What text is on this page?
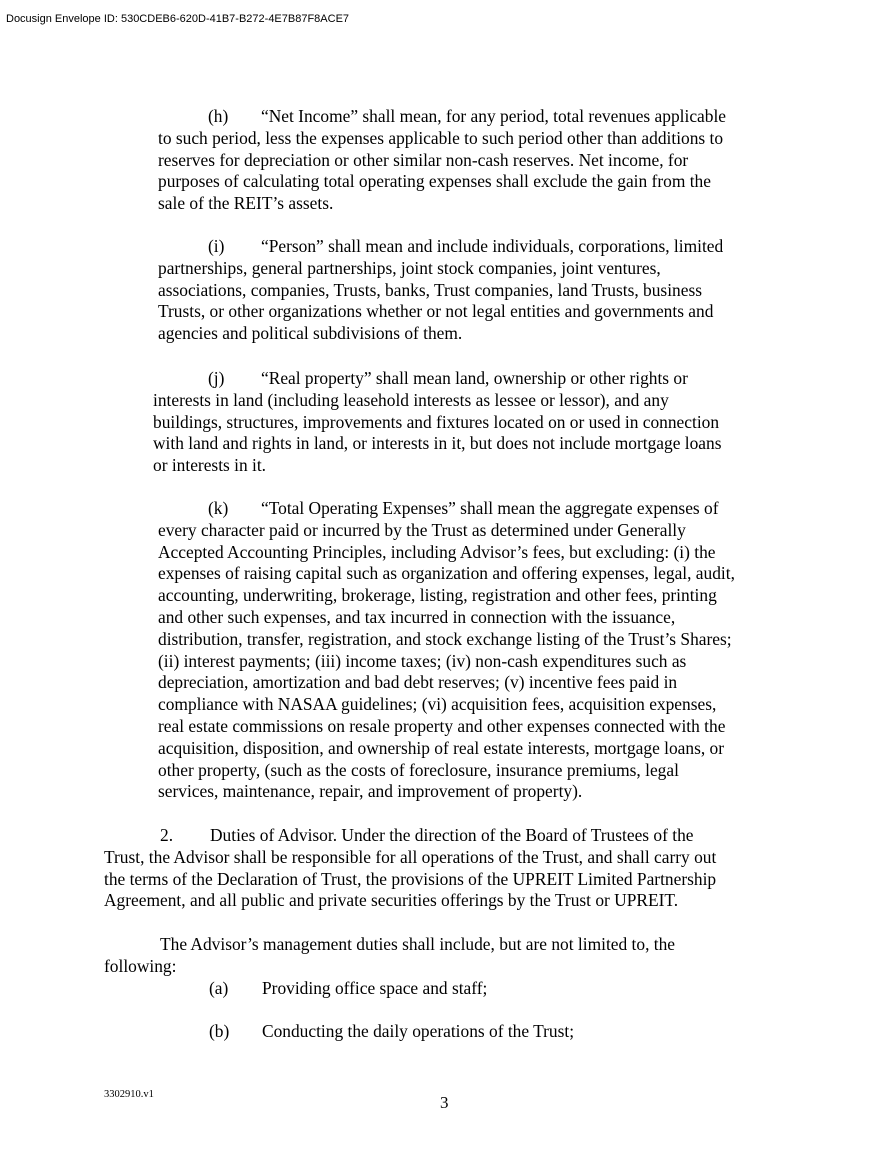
Docusign Envelope ID: 530CDEB6-620D-41B7-B272-4E7B87F8ACE7
(h) “Net Income” shall mean, for any period, total revenues applicable
to such period, less the expenses applicable to such period other than additions to
reserves for depreciation or other similar non-cash reserves. Net income, for
purposes of calculating total operating expenses shall exclude the gain from the
sale of the REIT’s assets.
(i) “Person” shall mean and include individuals, corporations, limited
partnerships, general partnerships, joint stock companies, joint ventures,
associations, companies, Trusts, banks, Trust companies, land Trusts, business
Trusts, or other organizations whether or not legal entities and governments and
agencies and political subdivisions of them.
(j) “Real property” shall mean land, ownership or other rights or
interests in land (including leasehold interests as lessee or lessor), and any
buildings, structures, improvements and fixtures located on or used in connection
with land and rights in land, or interests in it, but does not include mortgage loans
or interests in it.
(k) “Total Operating Expenses” shall mean the aggregate expenses of
every character paid or incurred by the Trust as determined under Generally
Accepted Accounting Principles, including Advisor’s fees, but excluding: (i) the
expenses of raising capital such as organization and offering expenses, legal, audit,
accounting, underwriting, brokerage, listing, registration and other fees, printing
and other such expenses, and tax incurred in connection with the issuance,
distribution, transfer, registration, and stock exchange listing of the Trust’s Shares;
(ii) interest payments; (iii) income taxes; (iv) non-cash expenditures such as
depreciation, amortization and bad debt reserves; (v) incentive fees paid in
compliance with NASAA guidelines; (vi) acquisition fees, acquisition expenses,
real estate commissions on resale property and other expenses connected with the
acquisition, disposition, and ownership of real estate interests, mortgage loans, or
other property, (such as the costs of foreclosure, insurance premiums, legal
services, maintenance, repair, and improvement of property).
2. Duties of Advisor. Under the direction of the Board of Trustees of the
Trust, the Advisor shall be responsible for all operations of the Trust, and shall carry out
the terms of the Declaration of Trust, the provisions of the UPREIT Limited Partnership
Agreement, and all public and private securities offerings by the Trust or UPREIT.
The Advisor’s management duties shall include, but are not limited to, the
following:
(a) Providing office space and staff;
(b) Conducting the daily operations of the Trust;
3302910.v1	3
